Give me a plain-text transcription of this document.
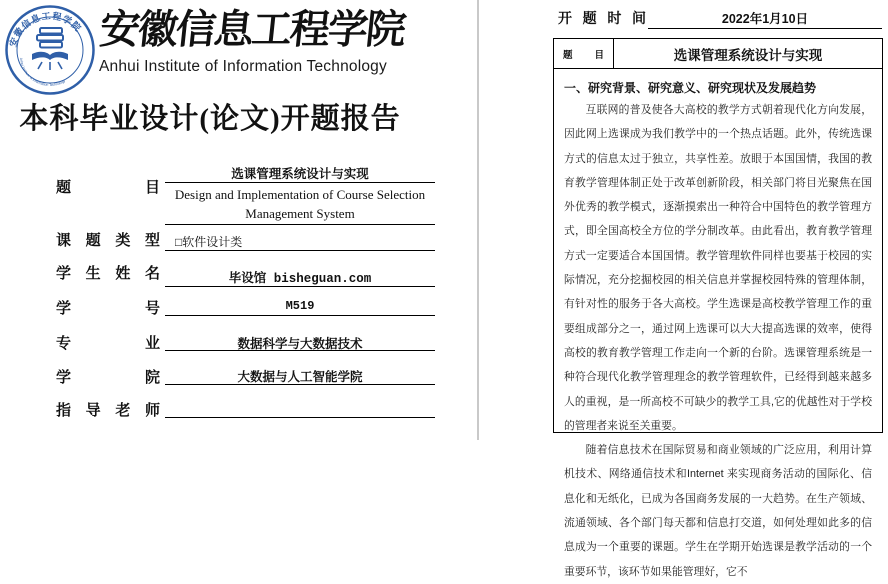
安徽信息工程学院
Anhui Institute of Information Technology
安徽信息工程学院
Anhui Institute of Information Technology
本科毕业设计(论文)开题报告
题 目
选课管理系统设计与实现
Design and Implementation of Course Selection
Management System
课 题 类 型	□软件设计类
学 生 姓 名	毕设馆 bisheguan.com
学 号	M519
专 业	数据科学与大数据技术
学 院	大数据与人工智能学院
指 导 老 师
开 题 时 间	2022年1月10日
题 目	选课管理系统设计与实现
一、研究背景、研究意义、研究现状及发展趋势

互联网的普及使各大高校的教学方式朝着现代化方向发展，因此网上选课成为我们教学中的一个热点话题。此外，传统选课方式的信息太过于独立，共享性差。放眼于本国国情，我国的教育教学管理体制正处于改革创新阶段，相关部门将目光聚焦在国外优秀的教学模式，逐渐摸索出一种符合中国特色的教学管理方式，即全国高校全方位的学分制改革。由此看出，教育教学管理方式一定要适合本国国情。教学管理软件同样也要基于校园的实际情况，充分挖掘校园的相关信息并掌握校园特殊的管理体制，有针对性的服务于各大高校。学生选课是高校教学管理工作的重要组成部分之一，通过网上选课可以大大提高选课的效率，使得高校的教育教学管理工作走向一个新的台阶。选课管理系统是一种符合现代化教学管理理念的教学管理软件，已经得到越来越多人的重视，是一所高校不可缺少的教学工具,它的优越性对于学校的管理者来说至关重要。

随着信息技术在国际贸易和商业领域的广泛应用，利用计算机技术、网络通信技术和Internet 来实现商务活动的国际化、信息化和无纸化，已成为各国商务发展的一大趋势。在生产领域、流通领域、各个部门每天都和信息打交道，如何处理如此多的信息成为一个重要的课题。学生在学期开始选课是教学活动的一个重要环节，该环节如果能管理好，它不
